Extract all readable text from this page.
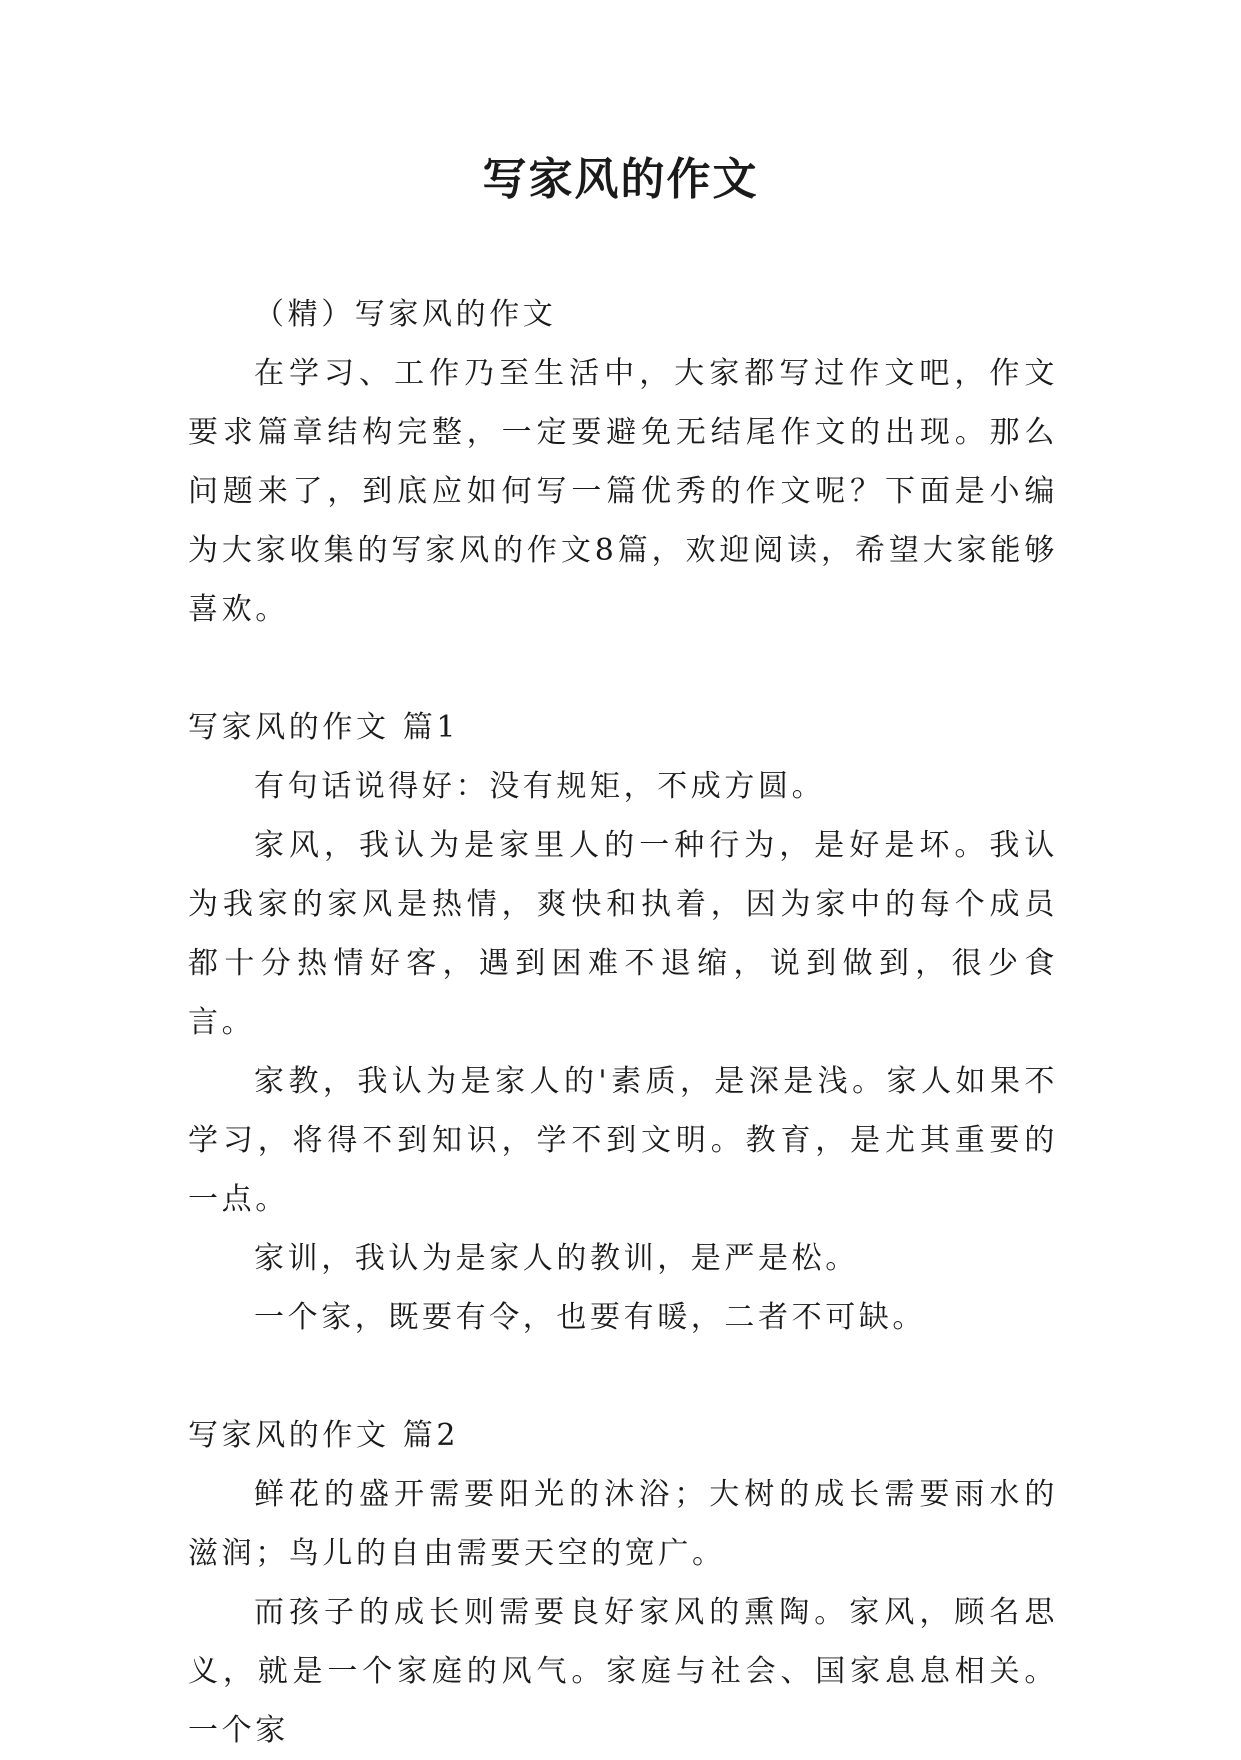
写家风的作文

（精）写家风的作文

在学习、工作乃至生活中，大家都写过作文吧，作文要求篇章结构完整，一定要避免无结尾作文的出现。那么问题来了，到底应如何写一篇优秀的作文呢？下面是小编为大家收集的写家风的作文8篇，欢迎阅读，希望大家能够喜欢。

写家风的作文 篇1

有句话说得好：没有规矩，不成方圆。

家风，我认为是家里人的一种行为，是好是坏。我认为我家的家风是热情，爽快和执着，因为家中的每个成员都十分热情好客，遇到困难不退缩，说到做到，很少食言。

家教，我认为是家人的'素质，是深是浅。家人如果不学习，将得不到知识，学不到文明。教育，是尤其重要的一点。

家训，我认为是家人的教训，是严是松。

一个家，既要有令，也要有暖，二者不可缺。

写家风的作文 篇2

鲜花的盛开需要阳光的沐浴；大树的成长需要雨水的滋润；鸟儿的自由需要天空的宽广。

而孩子的成长则需要良好家风的熏陶。家风，顾名思义，就是一个家庭的风气。家庭与社会、国家息息相关。一个家
